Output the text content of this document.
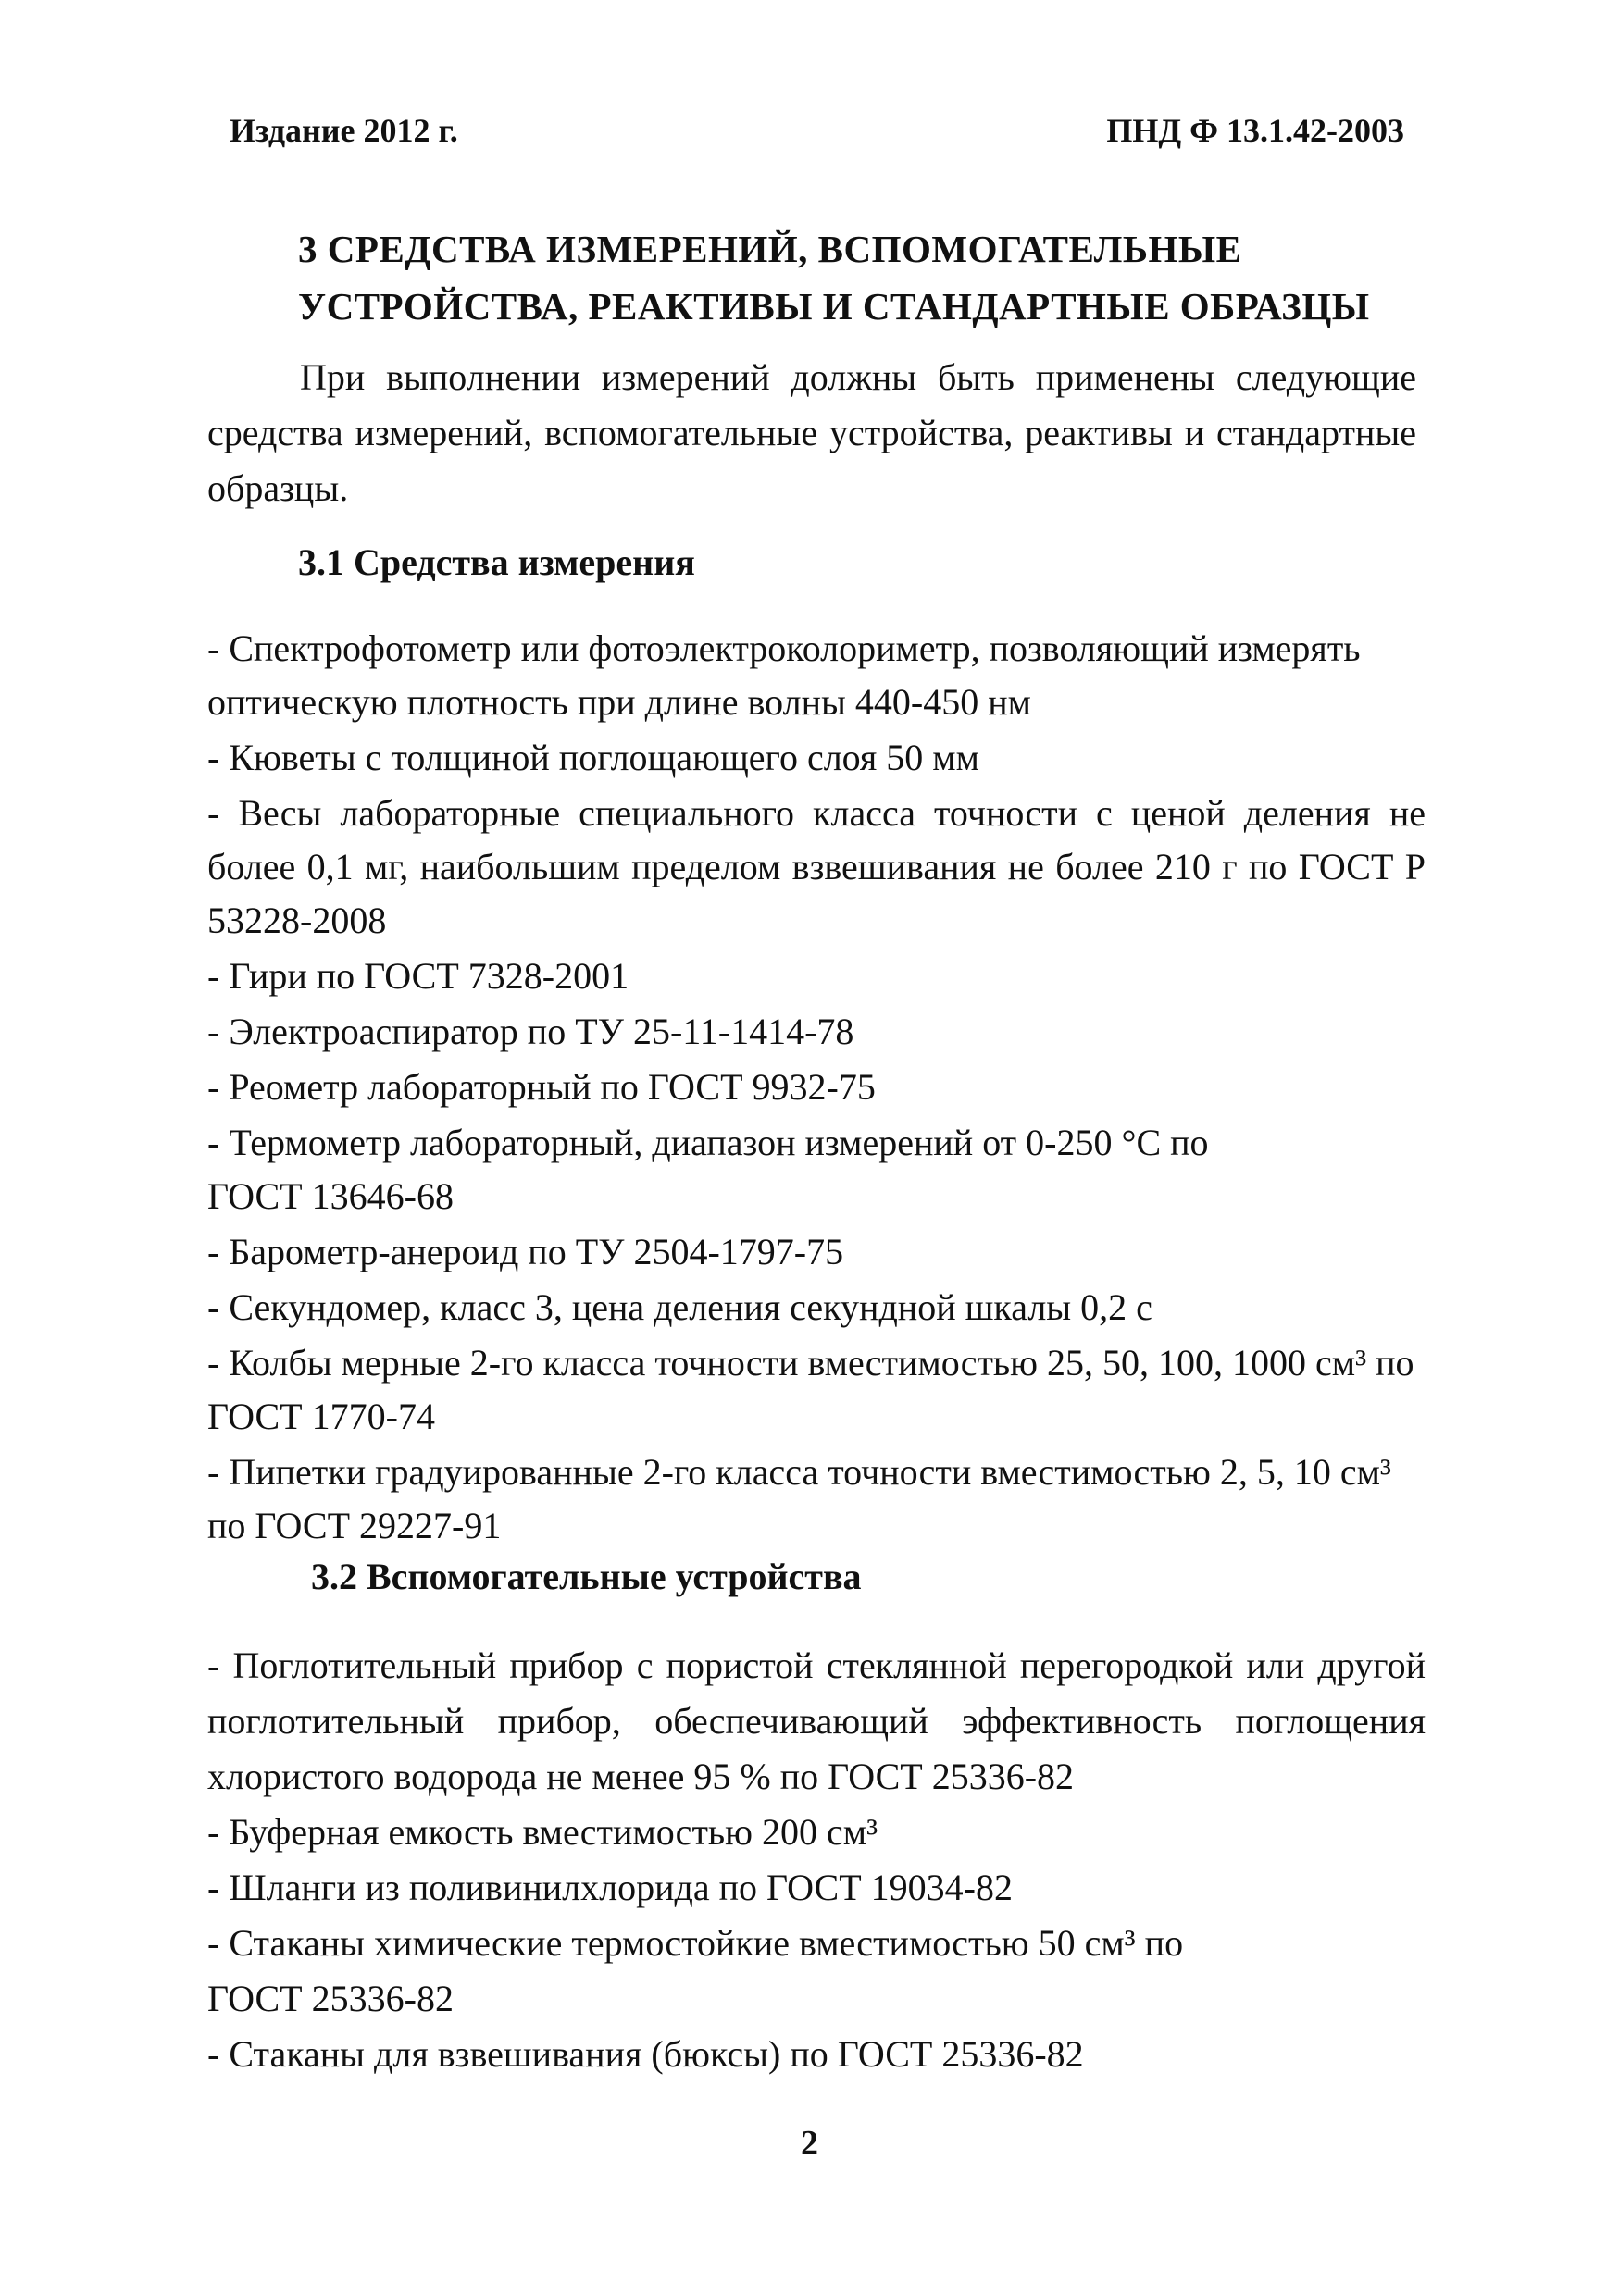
Издание 2012 г.	ПНД Ф 13.1.42-2003
3 СРЕДСТВА ИЗМЕРЕНИЙ, ВСПОМОГАТЕЛЬНЫЕ
УСТРОЙСТВА, РЕАКТИВЫ И СТАНДАРТНЫЕ ОБРАЗЦЫ
При выполнении измерений должны быть применены следующие средства измерений, вспомогательные устройства, реактивы и стандартные образцы.
3.1 Средства измерения
- Спектрофотометр или фотоэлектроколориметр, позволяющий измерять оптическую плотность при длине волны 440-450 нм
- Кюветы с толщиной поглощающего слоя 50 мм
- Весы лабораторные специального класса точности с ценой деления не более 0,1 мг, наибольшим пределом взвешивания не более 210 г по ГОСТ Р 53228-2008
- Гири по ГОСТ 7328-2001
- Электроаспиратор по ТУ 25-11-1414-78
- Реометр лабораторный по ГОСТ 9932-75
- Термометр лабораторный, диапазон измерений от 0-250 °С по ГОСТ 13646-68
- Барометр-анероид по ТУ 2504-1797-75
- Секундомер, класс 3, цена деления секундной шкалы 0,2 с
- Колбы мерные 2-го класса точности вместимостью 25, 50, 100, 1000 см³ по ГОСТ 1770-74
- Пипетки градуированные 2-го класса точности вместимостью 2, 5, 10 см³ по ГОСТ 29227-91
3.2 Вспомогательные устройства
- Поглотительный прибор с пористой стеклянной перегородкой или другой поглотительный прибор, обеспечивающий эффективность поглощения хлористого водорода не менее 95 % по ГОСТ 25336-82
- Буферная емкость вместимостью 200 см³
- Шланги из поливинилхлорида по ГОСТ 19034-82
- Стаканы химические термостойкие вместимостью 50 см³ по ГОСТ 25336-82
- Стаканы для взвешивания (бюксы) по ГОСТ 25336-82
2
